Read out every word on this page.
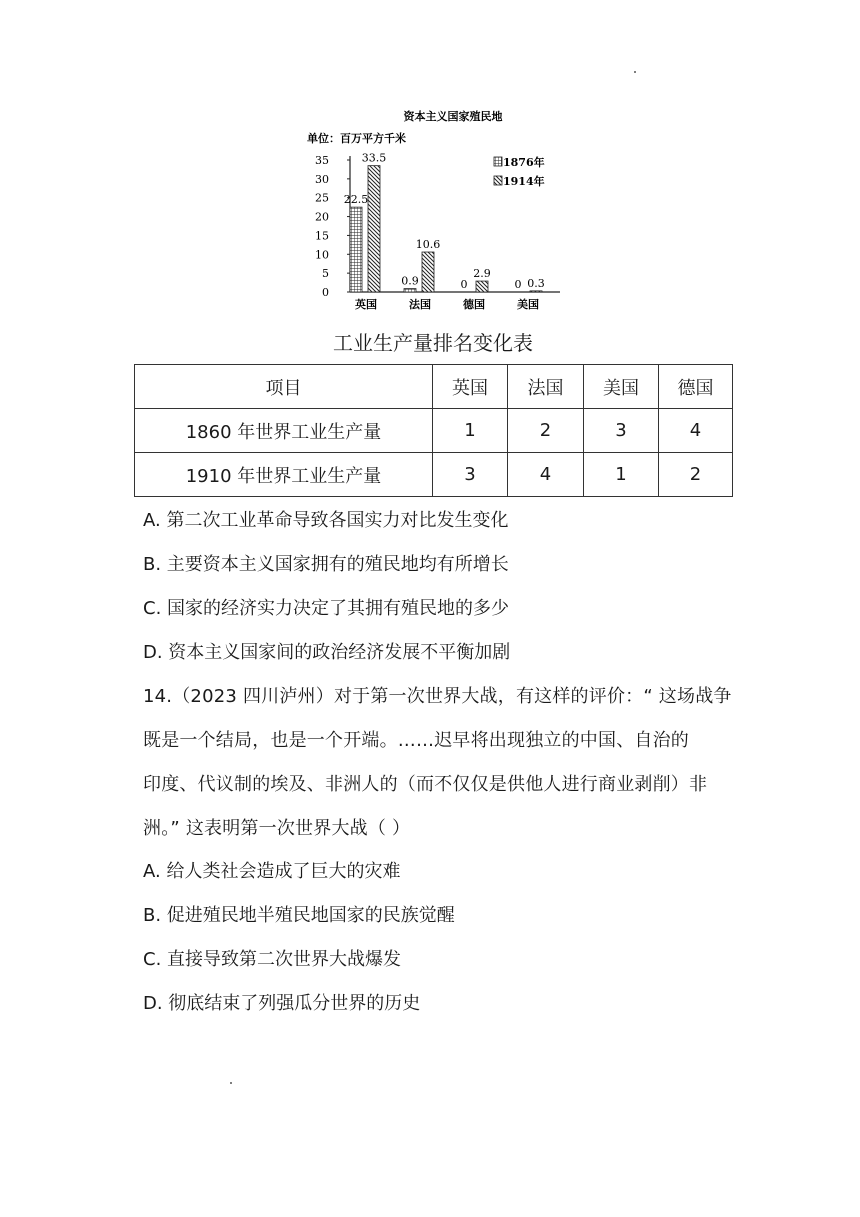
资本主义国家殖民地
单位：百万平方千米
0
5
10
15
20
25
30
35
22.5
33.5
英国
0.9
10.6
法国
0
2.9
德国
0 0.3
美国
1876年
1914年
工业生产量排名变化表
项目	英国	法国	美国	德国
1860 年世界工业生产量	1	2	3	4
1910 年世界工业生产量	3	4	1	2
A. 第二次工业革命导致各国实力对比发生变化
B. 主要资本主义国家拥有的殖民地均有所增长
C. 国家的经济实力决定了其拥有殖民地的多少
D. 资本主义国家间的政治经济发展不平衡加剧
14.（2023 四川泸州）对于第一次世界大战，有这样的评价：“ 这场战争
既是一个结局，也是一个开端。……迟早将出现独立的中国、自治的
印度、代议制的埃及、非洲人的（而不仅仅是供他人进行商业剥削）非
洲。” 这表明第一次世界大战（ ）
A. 给人类社会造成了巨大的灾难
B. 促进殖民地半殖民地国家的民族觉醒
C. 直接导致第二次世界大战爆发
D. 彻底结束了列强瓜分世界的历史
